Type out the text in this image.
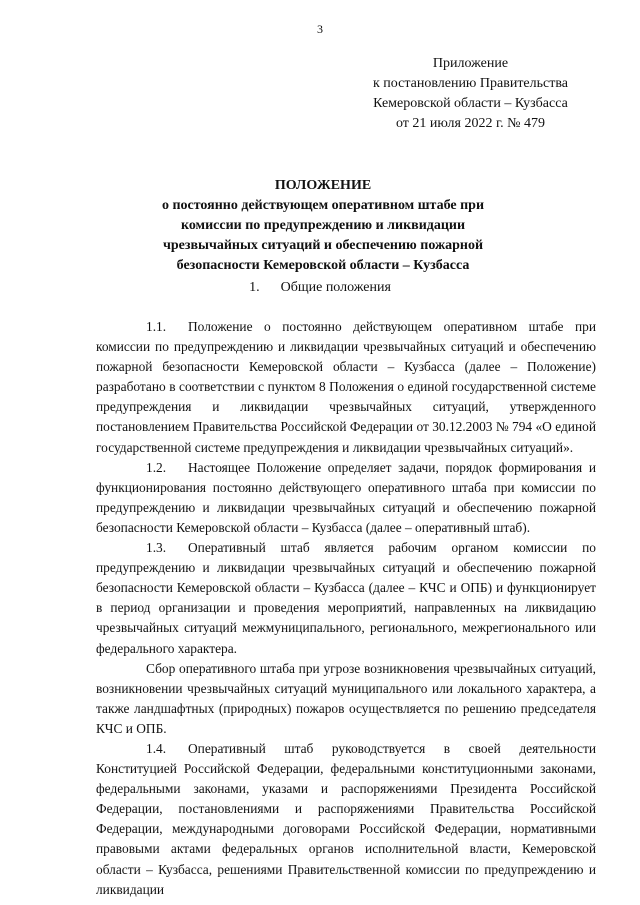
3
Приложение
к постановлению Правительства
Кемеровской области – Кузбасса
от 21 июля 2022 г. № 479
ПОЛОЖЕНИЕ
о постоянно действующем оперативном штабе при
комиссии по предупреждению и ликвидации
чрезвычайных ситуаций и обеспечению пожарной
безопасности Кемеровской области – Кузбасса
1. Общие положения

1.1. Положение о постоянно действующем оперативном штабе при комиссии по предупреждению и ликвидации чрезвычайных ситуаций и обеспечению пожарной безопасности Кемеровской области – Кузбасса (далее – Положение) разработано в соответствии с пунктом 8 Положения о единой государственной системе предупреждения и ликвидации чрезвычайных ситуаций, утвержденного постановлением Правительства Российской Федерации от 30.12.2003 № 794 «О единой государственной системе предупреждения и ликвидации чрезвычайных ситуаций».

1.2. Настоящее Положение определяет задачи, порядок формирования и функционирования постоянно действующего оперативного штаба при комиссии по предупреждению и ликвидации чрезвычайных ситуаций и обеспечению пожарной безопасности Кемеровской области – Кузбасса (далее – оперативный штаб).

1.3. Оперативный штаб является рабочим органом комиссии по предупреждению и ликвидации чрезвычайных ситуаций и обеспечению пожарной безопасности Кемеровской области – Кузбасса (далее – КЧС и ОПБ) и функционирует в период организации и проведения мероприятий, направленных на ликвидацию чрезвычайных ситуаций межмуниципального, регионального, межрегионального или федерального характера.

Сбор оперативного штаба при угрозе возникновения чрезвычайных ситуаций, возникновении чрезвычайных ситуаций муниципального или локального характера, а также ландшафтных (природных) пожаров осуществляется по решению председателя КЧС и ОПБ.

1.4. Оперативный штаб руководствуется в своей деятельности Конституцией Российской Федерации, федеральными конституционными законами, федеральными законами, указами и распоряжениями Президента Российской Федерации, постановлениями и распоряжениями Правительства Российской Федерации, международными договорами Российской Федерации, нормативными правовыми актами федеральных органов исполнительной власти, Кемеровской области – Кузбасса, решениями Правительственной комиссии по предупреждению и ликвидации
